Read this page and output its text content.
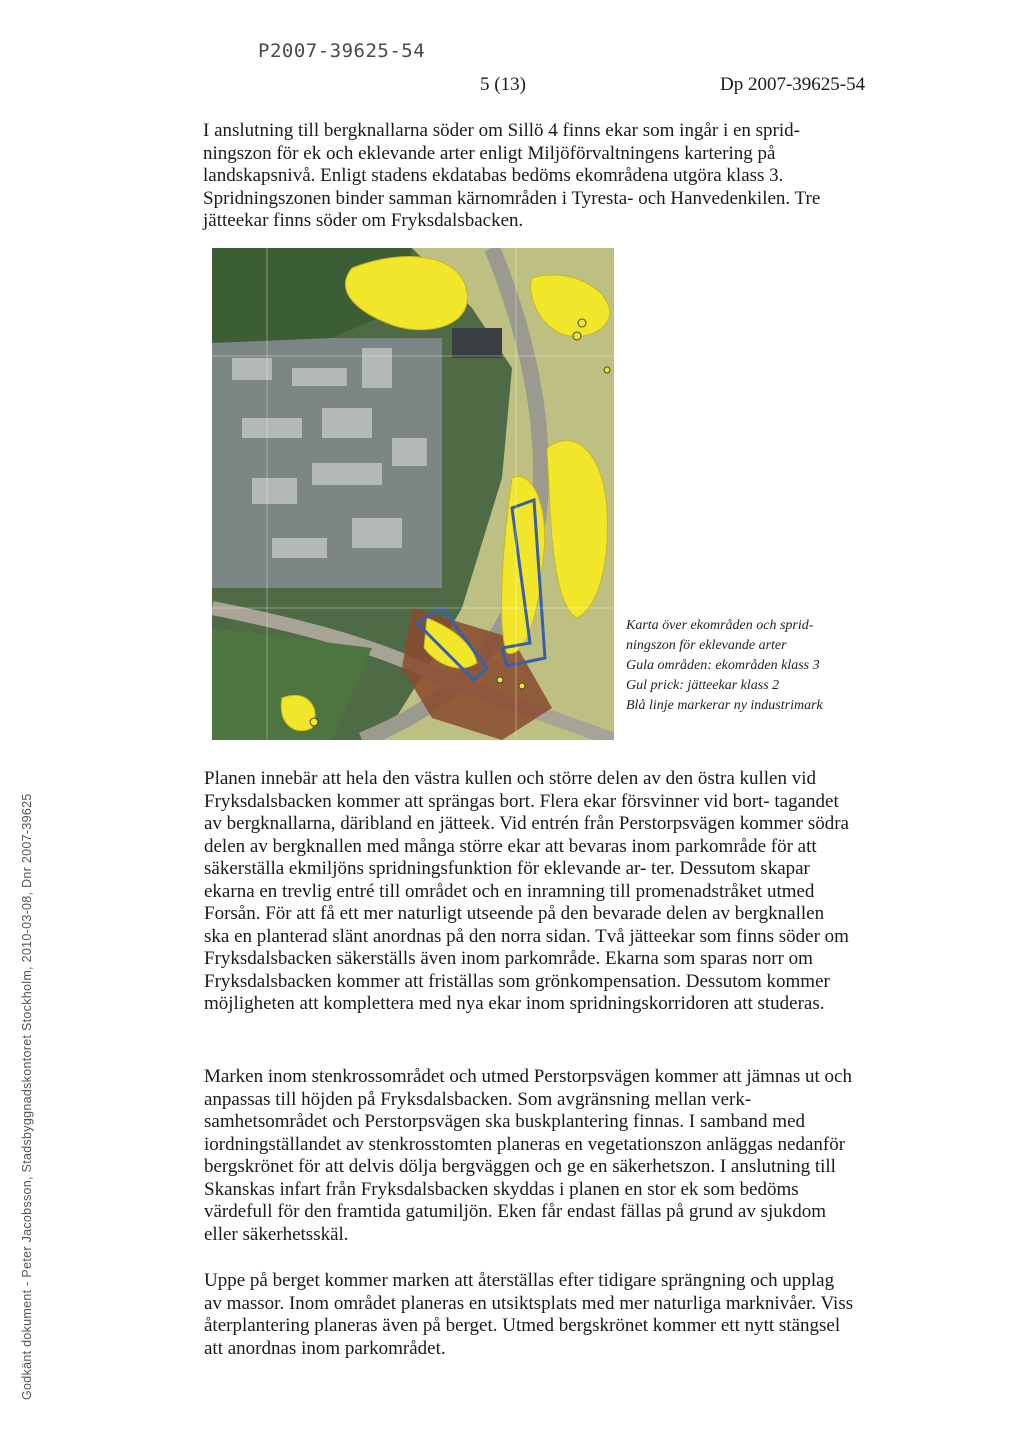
P2007-39625-54
5 (13)	Dp 2007-39625-54

I anslutning till bergknallarna söder om Sillö 4 finns ekar som ingår i en sprid- ningszon för ek och eklevande arter enligt Miljöförvaltningens kartering på landskapsnivå. Enligt stadens ekdatabas bedöms ekområdena utgöra klass 3. Spridningszonen binder samman kärnområden i Tyresta- och Hanvedenkilen. Tre jätteekar finns söder om Fryksdalsbacken.

Karta över ekområden och sprid-
ningszon för eklevande arter
Gula områden: ekområden klass 3
Gul prick: jätteekar klass 2
Blå linje markerar ny industrimark

Planen innebär att hela den västra kullen och större delen av den östra kullen vid Fryksdalsbacken kommer att sprängas bort. Flera ekar försvinner vid bort- tagandet av bergknallarna, däribland en jätteek. Vid entrén från Perstorpsvägen kommer södra delen av bergknallen med många större ekar att bevaras inom parkområde för att säkerställa ekmiljöns spridningsfunktion för eklevande ar- ter. Dessutom skapar ekarna en trevlig entré till området och en inramning till promenadstråket utmed Forsån. För att få ett mer naturligt utseende på den bevarade delen av bergknallen ska en planterad slänt anordnas på den norra sidan. Två jätteekar som finns söder om Fryksdalsbacken säkerställs även inom parkområde. Ekarna som sparas norr om Fryksdalsbacken kommer att friställas som grönkompensation. Dessutom kommer möjligheten att komplettera med nya ekar inom spridningskorridoren att studeras.

Marken inom stenkrossområdet och utmed Perstorpsvägen kommer att jämnas ut och anpassas till höjden på Fryksdalsbacken. Som avgränsning mellan verk- samhetsområdet och Perstorpsvägen ska buskplantering finnas. I samband med iordningställandet av stenkrosstomten planeras en vegetationszon anläggas nedanför bergskrönet för att delvis dölja bergväggen och ge en säkerhetszon. I anslutning till Skanskas infart från Fryksdalsbacken skyddas i planen en stor ek som bedöms värdefull för den framtida gatumiljön. Eken får endast fällas på grund av sjukdom eller säkerhetsskäl.

Uppe på berget kommer marken att återställas efter tidigare sprängning och upplag av massor. Inom området planeras en utsiktsplats med mer naturliga marknivåer. Viss återplantering planeras även på berget. Utmed bergskrönet kommer ett nytt stängsel att anordnas inom parkområdet.

Godkänt dokument - Peter Jacobsson, Stadsbyggnadskontoret Stockholm, 2010-03-08, Dnr 2007-39625
